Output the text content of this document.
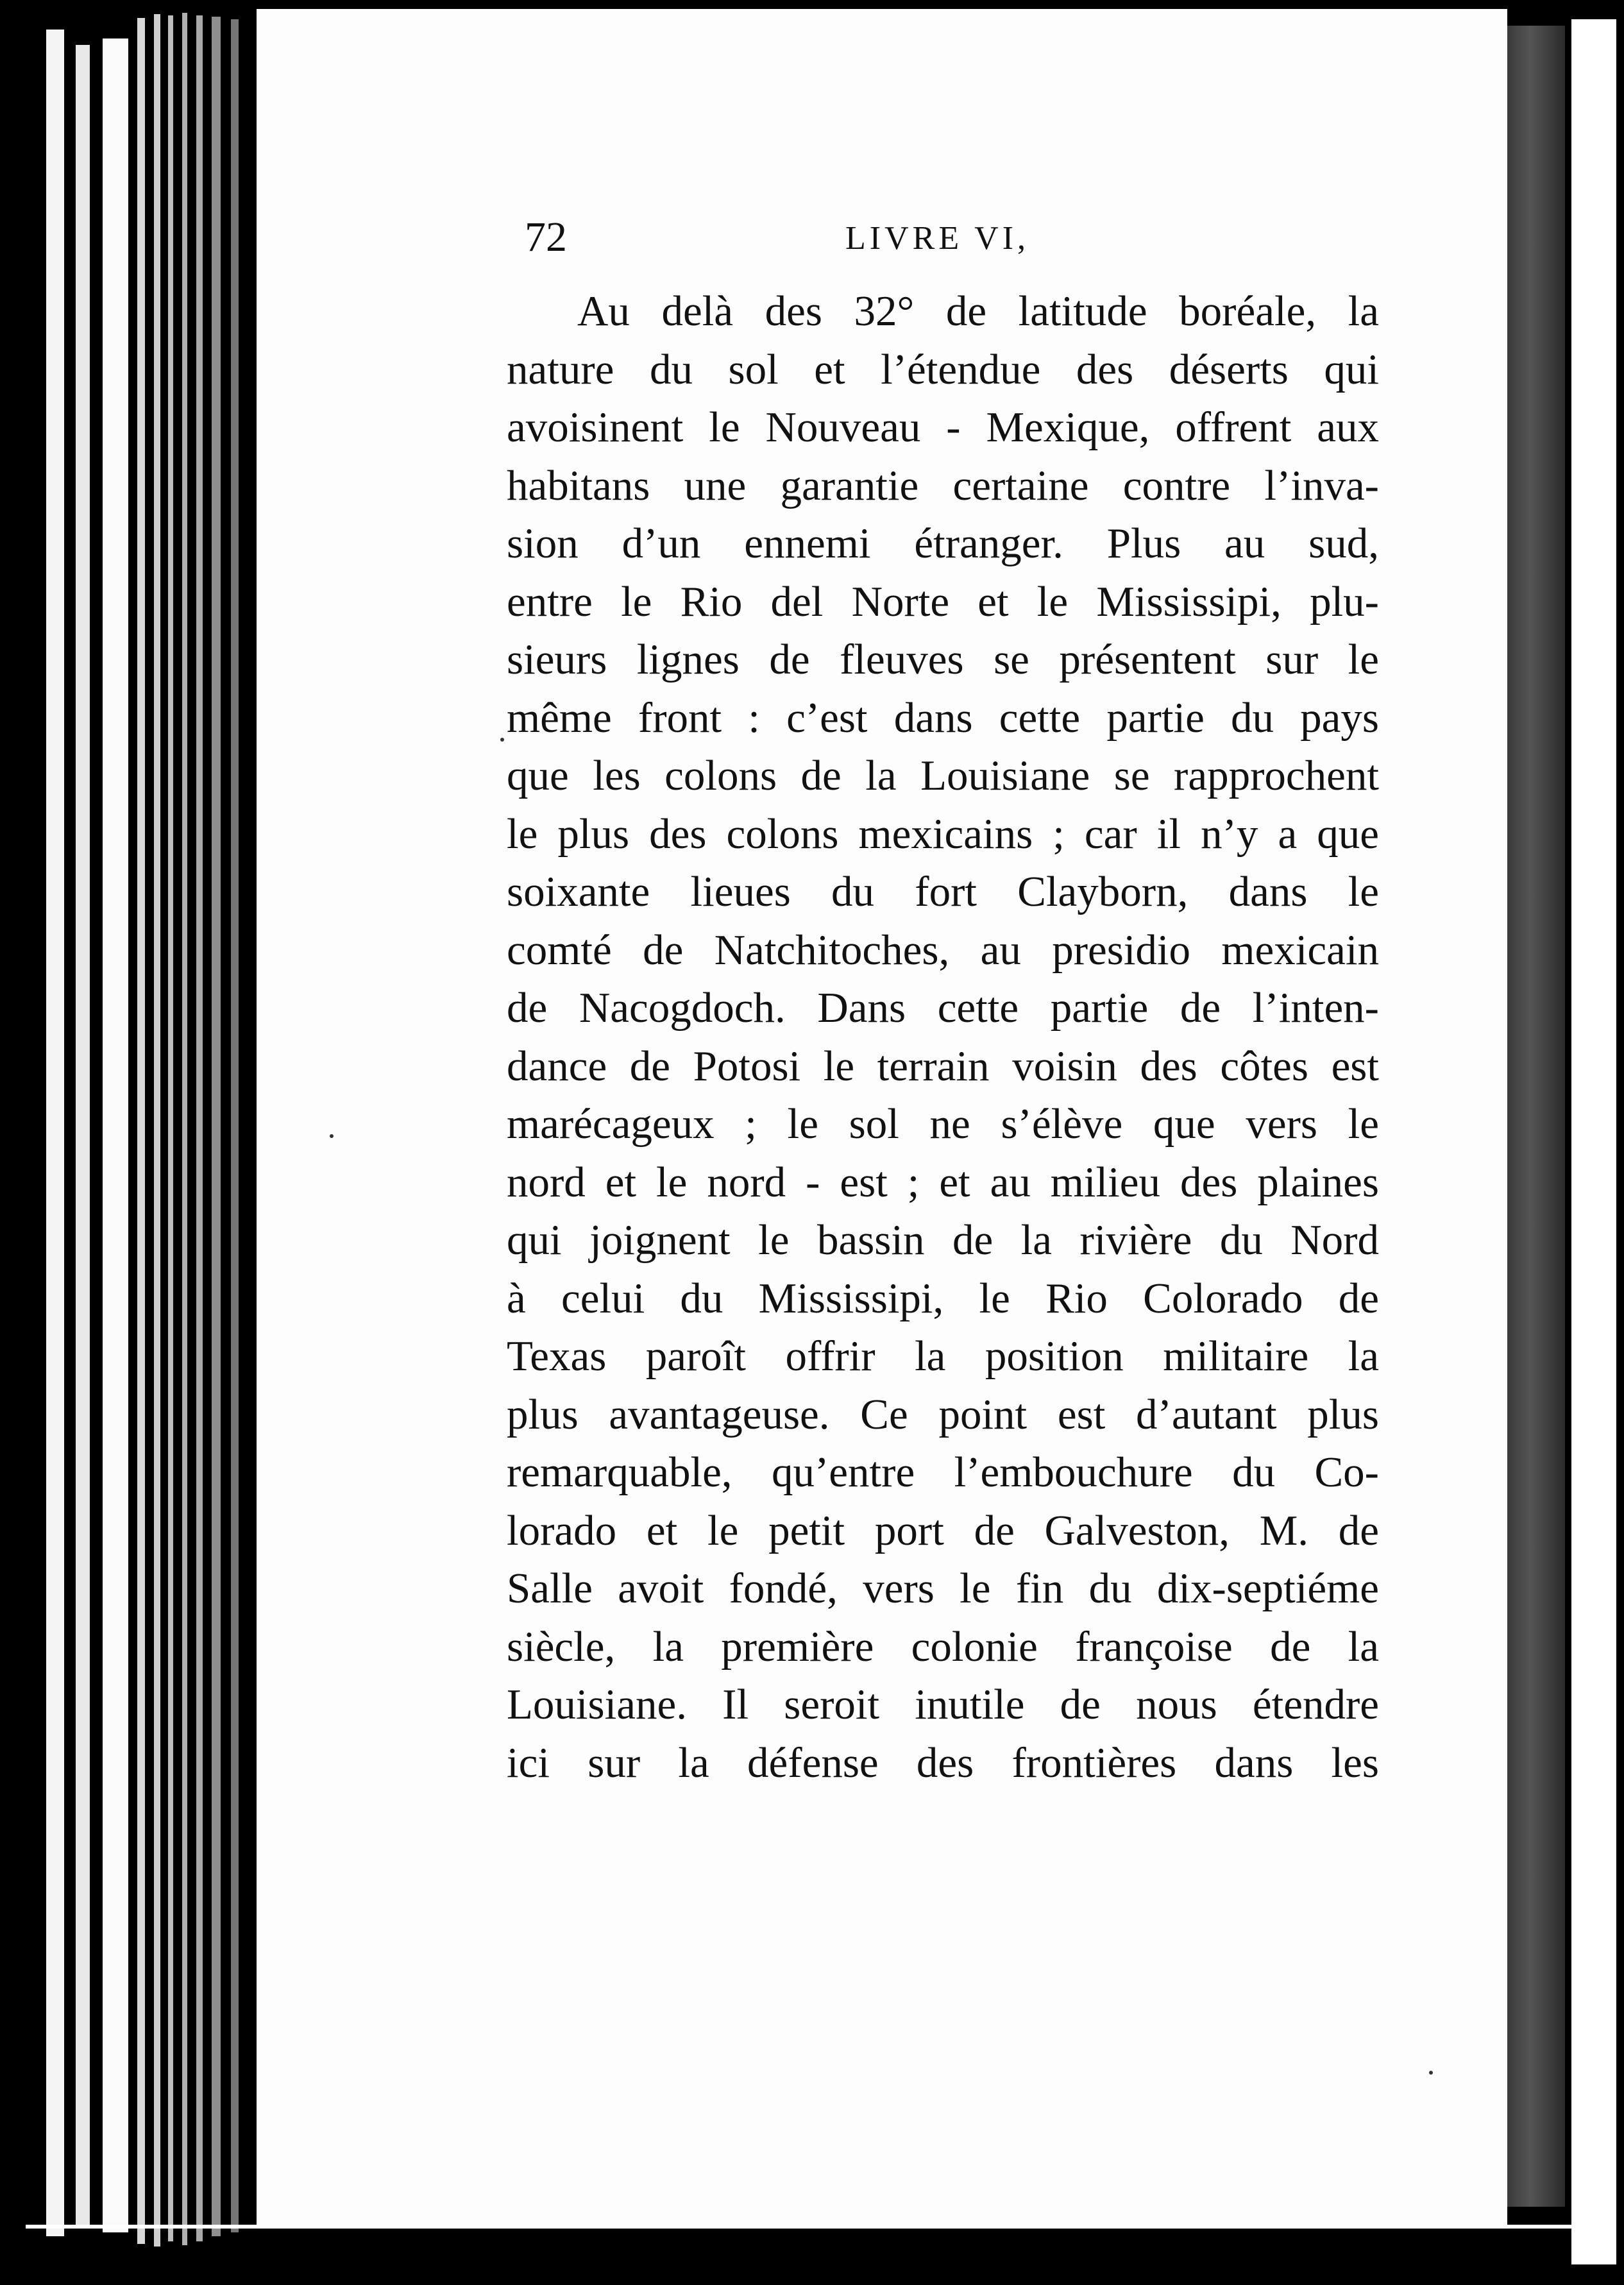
72	LIVRE VI,
Au delà des 32° de latitude boréale, la
nature du sol et l’étendue des déserts qui
avoisinent le Nouveau - Mexique, offrent aux
habitans une garantie certaine contre l’inva-
sion d’un ennemi étranger. Plus au sud,
entre le Rio del Norte et le Mississipi, plu-
sieurs lignes de fleuves se présentent sur le
même front : c’est dans cette partie du pays
que les colons de la Louisiane se rapprochent
le plus des colons mexicains ; car il n’y a que
soixante lieues du fort Clayborn, dans le
comté de Natchitoches, au presidio mexicain
de Nacogdoch. Dans cette partie de l’inten-
dance de Potosi le terrain voisin des côtes est
marécageux ; le sol ne s’élève que vers le
nord et le nord - est ; et au milieu des plaines
qui joignent le bassin de la rivière du Nord
à celui du Mississipi, le Rio Colorado de
Texas paroît offrir la position militaire la
plus avantageuse. Ce point est d’autant plus
remarquable, qu’entre l’embouchure du Co-
lorado et le petit port de Galveston, M. de
Salle avoit fondé, vers le fin du dix-septiéme
siècle, la première colonie françoise de la
Louisiane. Il seroit inutile de nous étendre
ici sur la défense des frontières dans les
